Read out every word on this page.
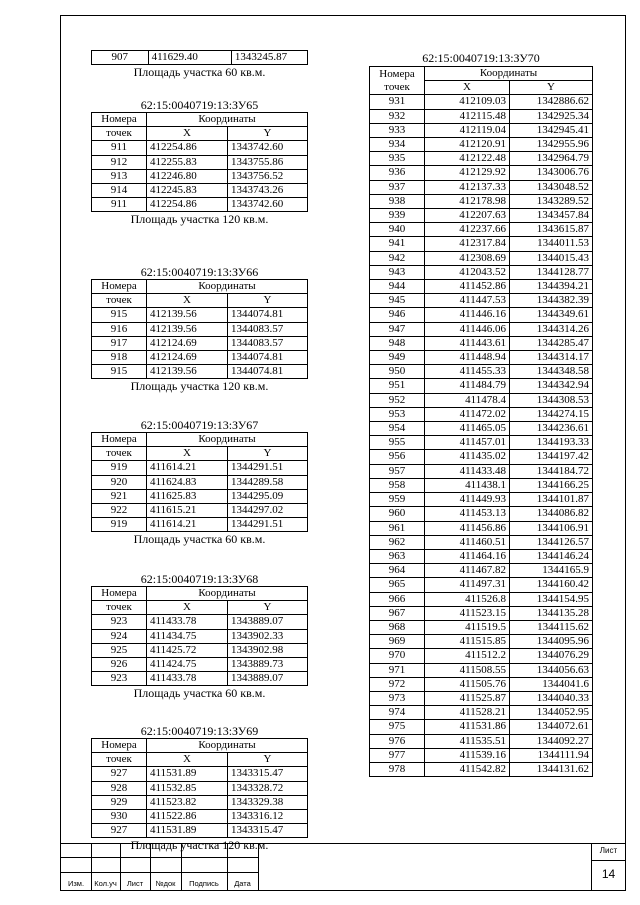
907	411629.40	1343245.87
Площадь участка 60 кв.м.
62:15:0040719:13:ЗУ65
Номера	Координаты	
точек	X	Y
911	412254.86	1343742.60
912	412255.83	1343755.86
913	412246.80	1343756.52
914	412245.83	1343743.26
911	412254.86	1343742.60
Площадь участка 120 кв.м.
62:15:0040719:13:ЗУ66
Номера	Координаты	
точек	X	Y
915	412139.56	1344074.81
916	412139.56	1344083.57
917	412124.69	1344083.57
918	412124.69	1344074.81
915	412139.56	1344074.81
Площадь участка 120 кв.м.
62:15:0040719:13:ЗУ67
Номера	Координаты	
точек	X	Y
919	411614.21	1344291.51
920	411624.83	1344289.58
921	411625.83	1344295.09
922	411615.21	1344297.02
919	411614.21	1344291.51
Площадь участка 60 кв.м.
62:15:0040719:13:ЗУ68
Номера	Координаты	
точек	X	Y
923	411433.78	1343889.07
924	411434.75	1343902.33
925	411425.72	1343902.98
926	411424.75	1343889.73
923	411433.78	1343889.07
Площадь участка 60 кв.м.
62:15:0040719:13:ЗУ69
Номера	Координаты	
точек	X	Y
927	411531.89	1343315.47
928	411532.85	1343328.72
929	411523.82	1343329.38
930	411522.86	1343316.12
927	411531.89	1343315.47
Площадь участка 120 кв.м.
62:15:0040719:13:ЗУ70
Номера
точек	Координаты	
	X	Y
931	412109.03	1342886.62
932	412115.48	1342925.34
933	412119.04	1342945.41
934	412120.91	1342955.96
935	412122.48	1342964.79
936	412129.92	1343006.76
937	412137.33	1343048.52
938	412178.98	1343289.52
939	412207.63	1343457.84
940	412237.66	1343615.87
941	412317.84	1344011.53
942	412308.69	1344015.43
943	412043.52	1344128.77
944	411452.86	1344394.21
945	411447.53	1344382.39
946	411446.16	1344349.61
947	411446.06	1344314.26
948	411443.61	1344285.47
949	411448.94	1344314.17
950	411455.33	1344348.58
951	411484.79	1344342.94
952	411478.4	1344308.53
953	411472.02	1344274.15
954	411465.05	1344236.61
955	411457.01	1344193.33
956	411435.02	1344197.42
957	411433.48	1344184.72
958	411438.1	1344166.25
959	411449.93	1344101.87
960	411453.13	1344086.82
961	411456.86	1344106.91
962	411460.51	1344126.57
963	411464.16	1344146.24
964	411467.82	1344165.9
965	411497.31	1344160.42
966	411526.8	1344154.95
967	411523.15	1344135.28
968	411519.5	1344115.62
969	411515.85	1344095.96
970	411512.2	1344076.29
971	411508.55	1344056.63
972	411505.76	1344041.6
973	411525.87	1344040.33
974	411528.21	1344052.95
975	411531.86	1344072.61
976	411535.51	1344092.27
977	411539.16	1344111.94
978	411542.82	1344131.62
Изм.	Кол.уч	Лист	№док	Подпись	Дата
Лист
14
